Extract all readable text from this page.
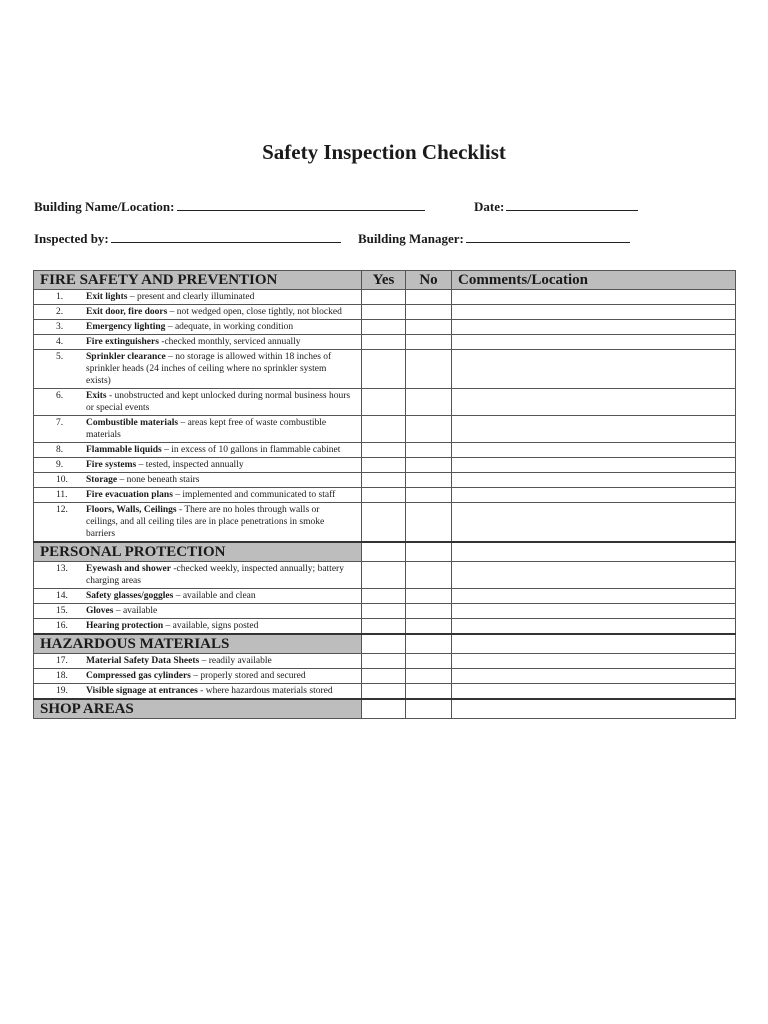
Safety Inspection Checklist
Building Name/Location:	Date:
Inspected by:	Building Manager:
FIRE SAFETY AND PREVENTION	Yes	No	Comments/Location

1. Exit lights – present and clearly illuminated			

2. Exit door, fire doors – not wedged open, close tightly, not blocked			

3. Emergency lighting – adequate, in working condition			

4. Fire extinguishers -checked monthly, serviced annually			

5. Sprinkler clearance – no storage is allowed within 18 inches of sprinkler heads (24 inches of ceiling where no sprinkler system exists)			

6. Exits - unobstructed and kept unlocked during normal business hours or special events			

7. Combustible materials – areas kept free of waste combustible materials			

8. Flammable liquids – in excess of 10 gallons in flammable cabinet			

9. Fire systems – tested, inspected annually			

10. Storage – none beneath stairs			

11. Fire evacuation plans – implemented and communicated to staff			

12. Floors, Walls, Ceilings - There are no holes through walls or ceilings, and all ceiling tiles are in place penetrations in smoke barriers			

PERSONAL PROTECTION			

13. Eyewash and shower -checked weekly, inspected annually; battery charging areas			

14. Safety glasses/goggles – available and clean			

15. Gloves – available			

16. Hearing protection – available, signs posted			

HAZARDOUS MATERIALS			

17. Material Safety Data Sheets – readily available			

18. Compressed gas cylinders – properly stored and secured			

19. Visible signage at entrances - where hazardous materials stored			

SHOP AREAS			
